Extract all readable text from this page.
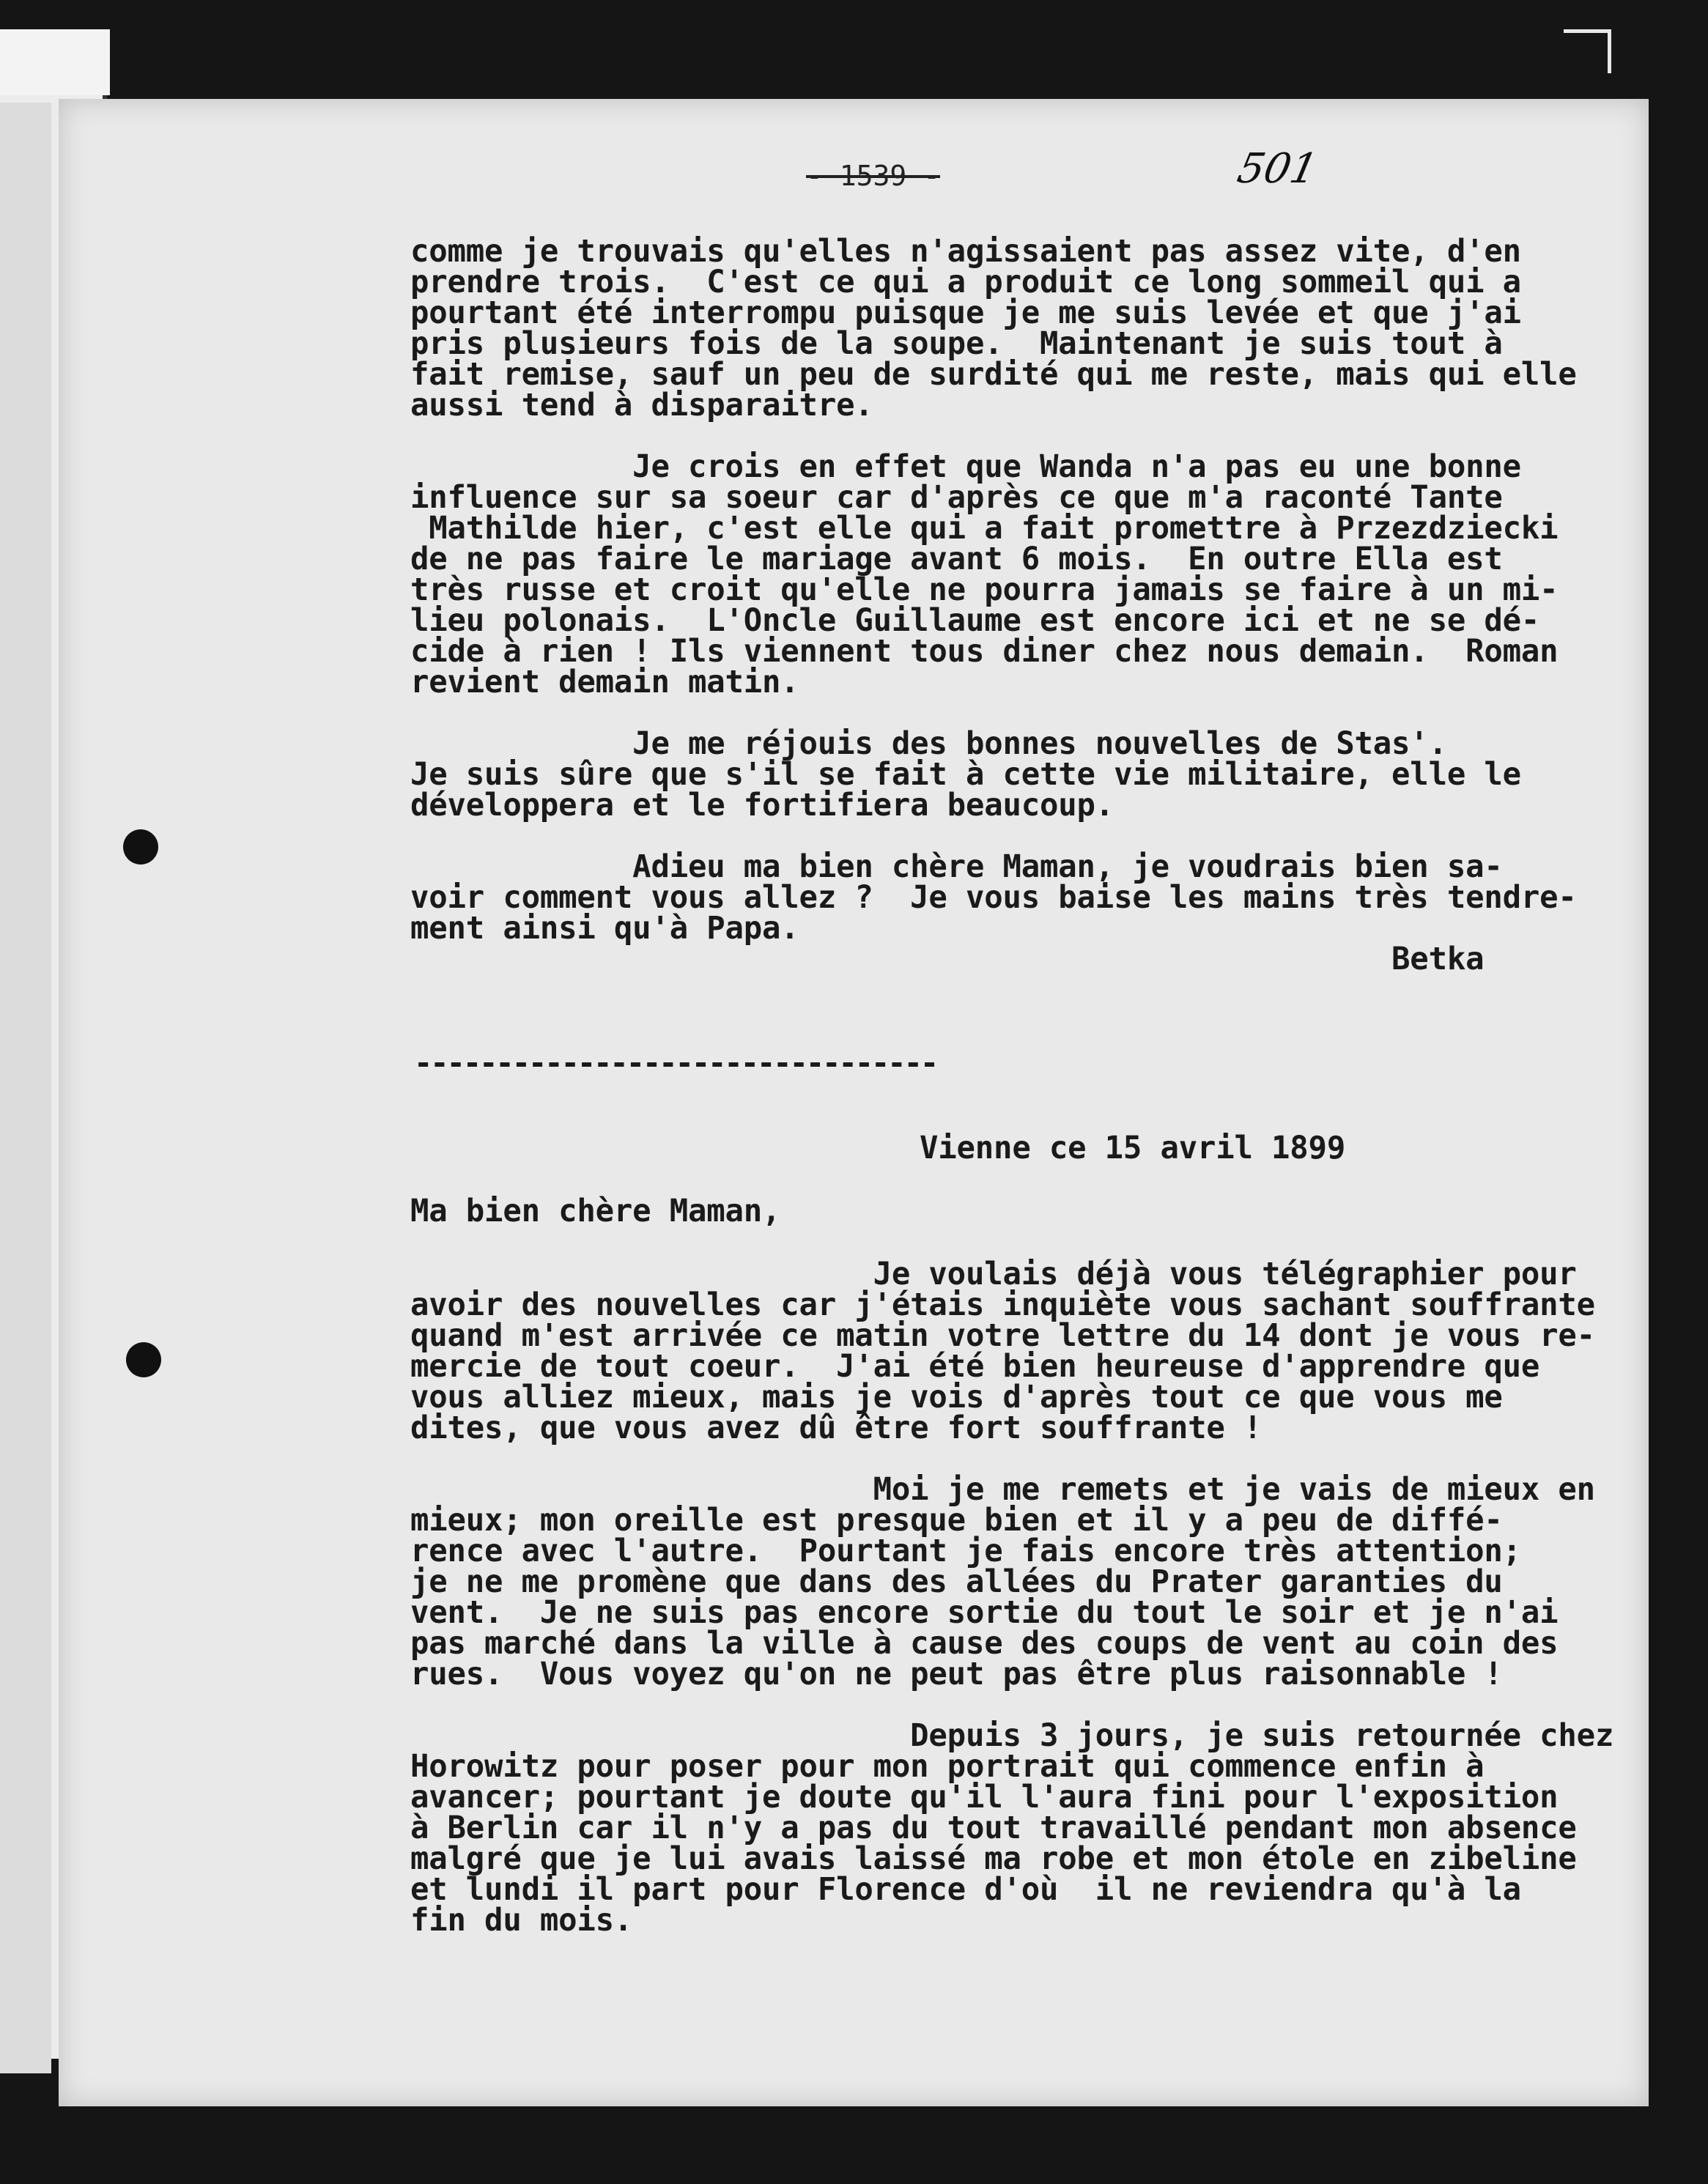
- 1539 -	501
comme je trouvais qu'elles n'agissaient pas assez vite, d'en
prendre trois.  C'est ce qui a produit ce long sommeil qui a
pourtant été interrompu puisque je me suis levée et que j'ai
pris plusieurs fois de la soupe.  Maintenant je suis tout à
fait remise, sauf un peu de surdité qui me reste, mais qui elle
aussi tend à disparaitre.
Je crois en effet que Wanda n'a pas eu une bonne
influence sur sa soeur car d'après ce que m'a raconté Tante
Mathilde hier, c'est elle qui a fait promettre à Przezdziecki
de ne pas faire le mariage avant 6 mois.  En outre Ella est
très russe et croit qu'elle ne pourra jamais se faire à un mi-
lieu polonais.  L'Oncle Guillaume est encore ici et ne se dé-
cide à rien ! Ils viennent tous diner chez nous demain.  Roman
revient demain matin.
Je me réjouis des bonnes nouvelles de Stas'.
Je suis sûre que s'il se fait à cette vie militaire, elle le
développera et le fortifiera beaucoup.
Adieu ma bien chère Maman, je voudrais bien sa-
voir comment vous allez ?  Je vous baise les mains très tendre-
ment ainsi qu'à Papa.
Betka
--------------------------------
Vienne ce 15 avril 1899
Ma bien chère Maman,
Je voulais déjà vous télégraphier pour
avoir des nouvelles car j'étais inquiète vous sachant souffrante
quand m'est arrivée ce matin votre lettre du 14 dont je vous re-
mercie de tout coeur.  J'ai été bien heureuse d'apprendre que
vous alliez mieux, mais je vois d'après tout ce que vous me
dites, que vous avez dû être fort souffrante !
Moi je me remets et je vais de mieux en
mieux; mon oreille est presque bien et il y a peu de diffé-
rence avec l'autre.  Pourtant je fais encore très attention;
je ne me promène que dans des allées du Prater garanties du
vent.  Je ne suis pas encore sortie du tout le soir et je n'ai
pas marché dans la ville à cause des coups de vent au coin des
rues.  Vous voyez qu'on ne peut pas être plus raisonnable !
Depuis 3 jours, je suis retournée chez
Horowitz pour poser pour mon portrait qui commence enfin à
avancer; pourtant je doute qu'il l'aura fini pour l'exposition
à Berlin car il n'y a pas du tout travaillé pendant mon absence
malgré que je lui avais laissé ma robe et mon étole en zibeline
et lundi il part pour Florence d'où  il ne reviendra qu'à la
fin du mois.
